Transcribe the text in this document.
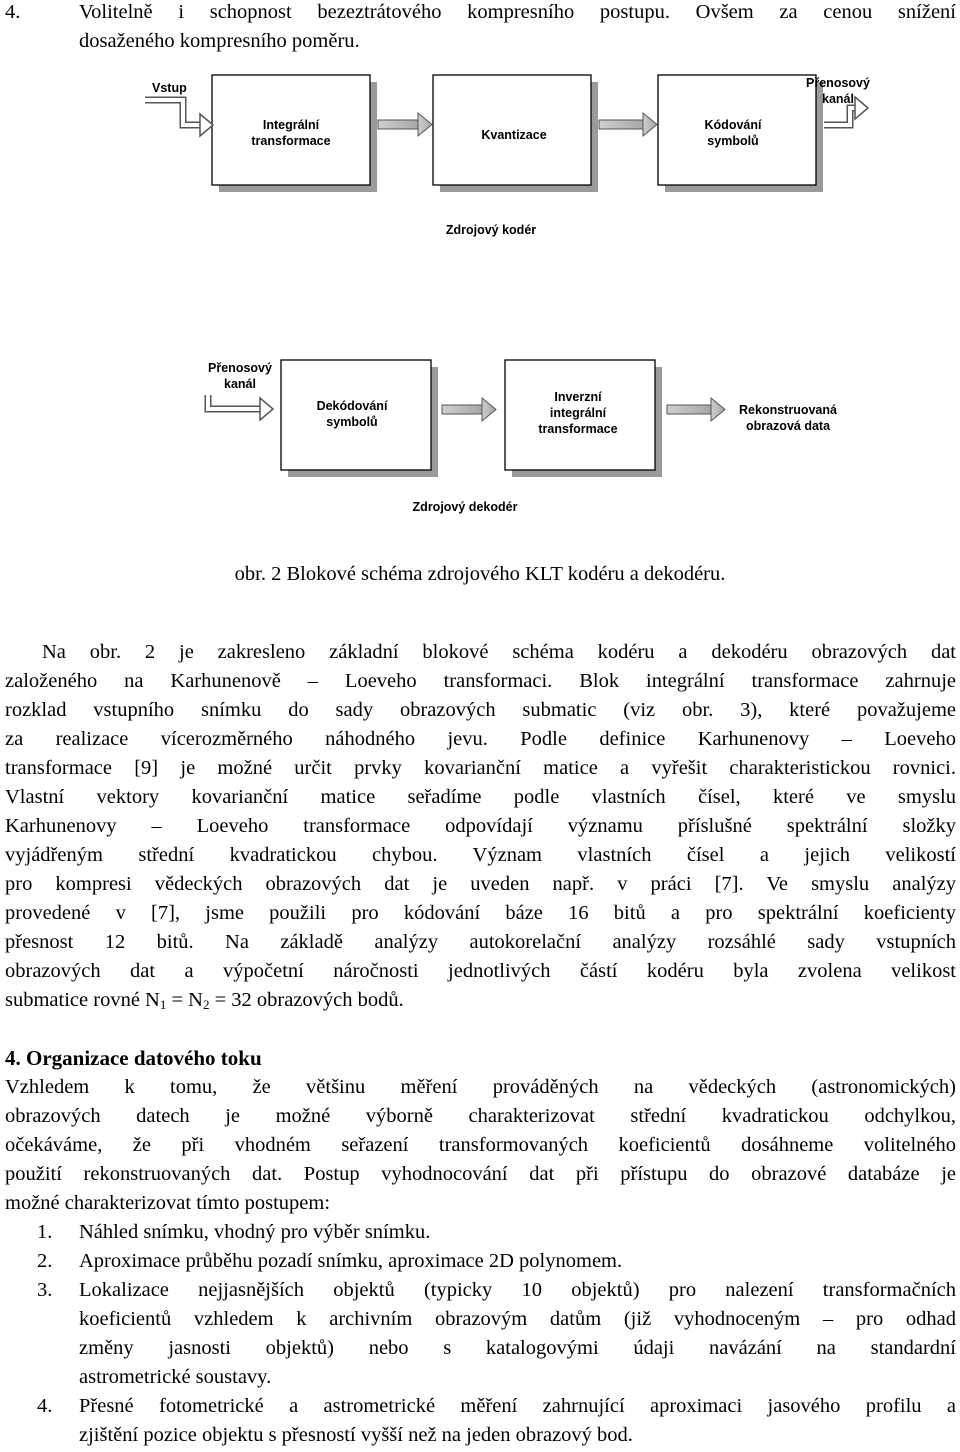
4.	Volitelně i schopnost bezeztrátového kompresního postupu. Ovšem za cenou snížení
dosaženého kompresního poměru.
Vstup
Integrální
transformace	Kvantizace
Kódování
symbolů
Přenosový
kanál
Zdrojový kodér
Přenosový
kanál
Dekódování
symbolů
Inverzní
integrální
transformace
Rekonstruovaná
obrazová data
Zdrojový dekodér
obr. 2 Blokové schéma zdrojového KLT kodéru a dekodéru.
Na obr. 2 je zakresleno základní blokové schéma kodéru a dekodéru obrazových dat
založeného na Karhunenově – Loeveho transformaci. Blok integrální transformace zahrnuje
rozklad vstupního snímku do sady obrazových submatic (viz obr. 3), které považujeme
za realizace vícerozměrného náhodného jevu. Podle definice Karhunenovy – Loeveho
transformace [9] je možné určit prvky kovarianční matice a vyřešit charakteristickou rovnici.
Vlastní vektory kovarianční matice seřadíme podle vlastních čísel, které ve smyslu
Karhunenovy – Loeveho transformace odpovídají významu příslušné spektrální složky
vyjádřeným střední kvadratickou chybou. Význam vlastních čísel a jejich velikostí
pro kompresi vědeckých obrazových dat je uveden např. v práci [7]. Ve smyslu analýzy
provedené v [7], jsme použili pro kódování báze 16 bitů a pro spektrální koeficienty
přesnost 12 bitů. Na základě analýzy autokorelační analýzy rozsáhlé sady vstupních
obrazových dat a výpočetní náročnosti jednotlivých částí kodéru byla zvolena velikost
submatice rovné $N_1 = N_2 = 32$ obrazových bodů.
4. Organizace datového toku
Vzhledem k tomu, že většinu měření prováděných na vědeckých (astronomických)
obrazových datech je možné výborně charakterizovat střední kvadratickou odchylkou,
očekáváme, že při vhodném seřazení transformovaných koeficientů dosáhneme volitelného
použití rekonstruovaných dat. Postup vyhodnocování dat při přístupu do obrazové databáze je
možné charakterizovat tímto postupem:
1. Náhled snímku, vhodný pro výběr snímku.
2. Aproximace průběhu pozadí snímku, aproximace 2D polynomem.
3. Lokalizace nejjasnějších objektů (typicky 10 objektů) pro nalezení transformačních
koeficientů vzhledem k archivním obrazovým datům (již vyhodnoceným – pro odhad
změny jasnosti objektů) nebo s katalogovými údaji navázání na standardní
astrometrické soustavy.
4. Přesné fotometrické a astrometrické měření zahrnující aproximaci jasového profilu a
zjištění pozice objektu s přesností vyšší než na jeden obrazový bod.
